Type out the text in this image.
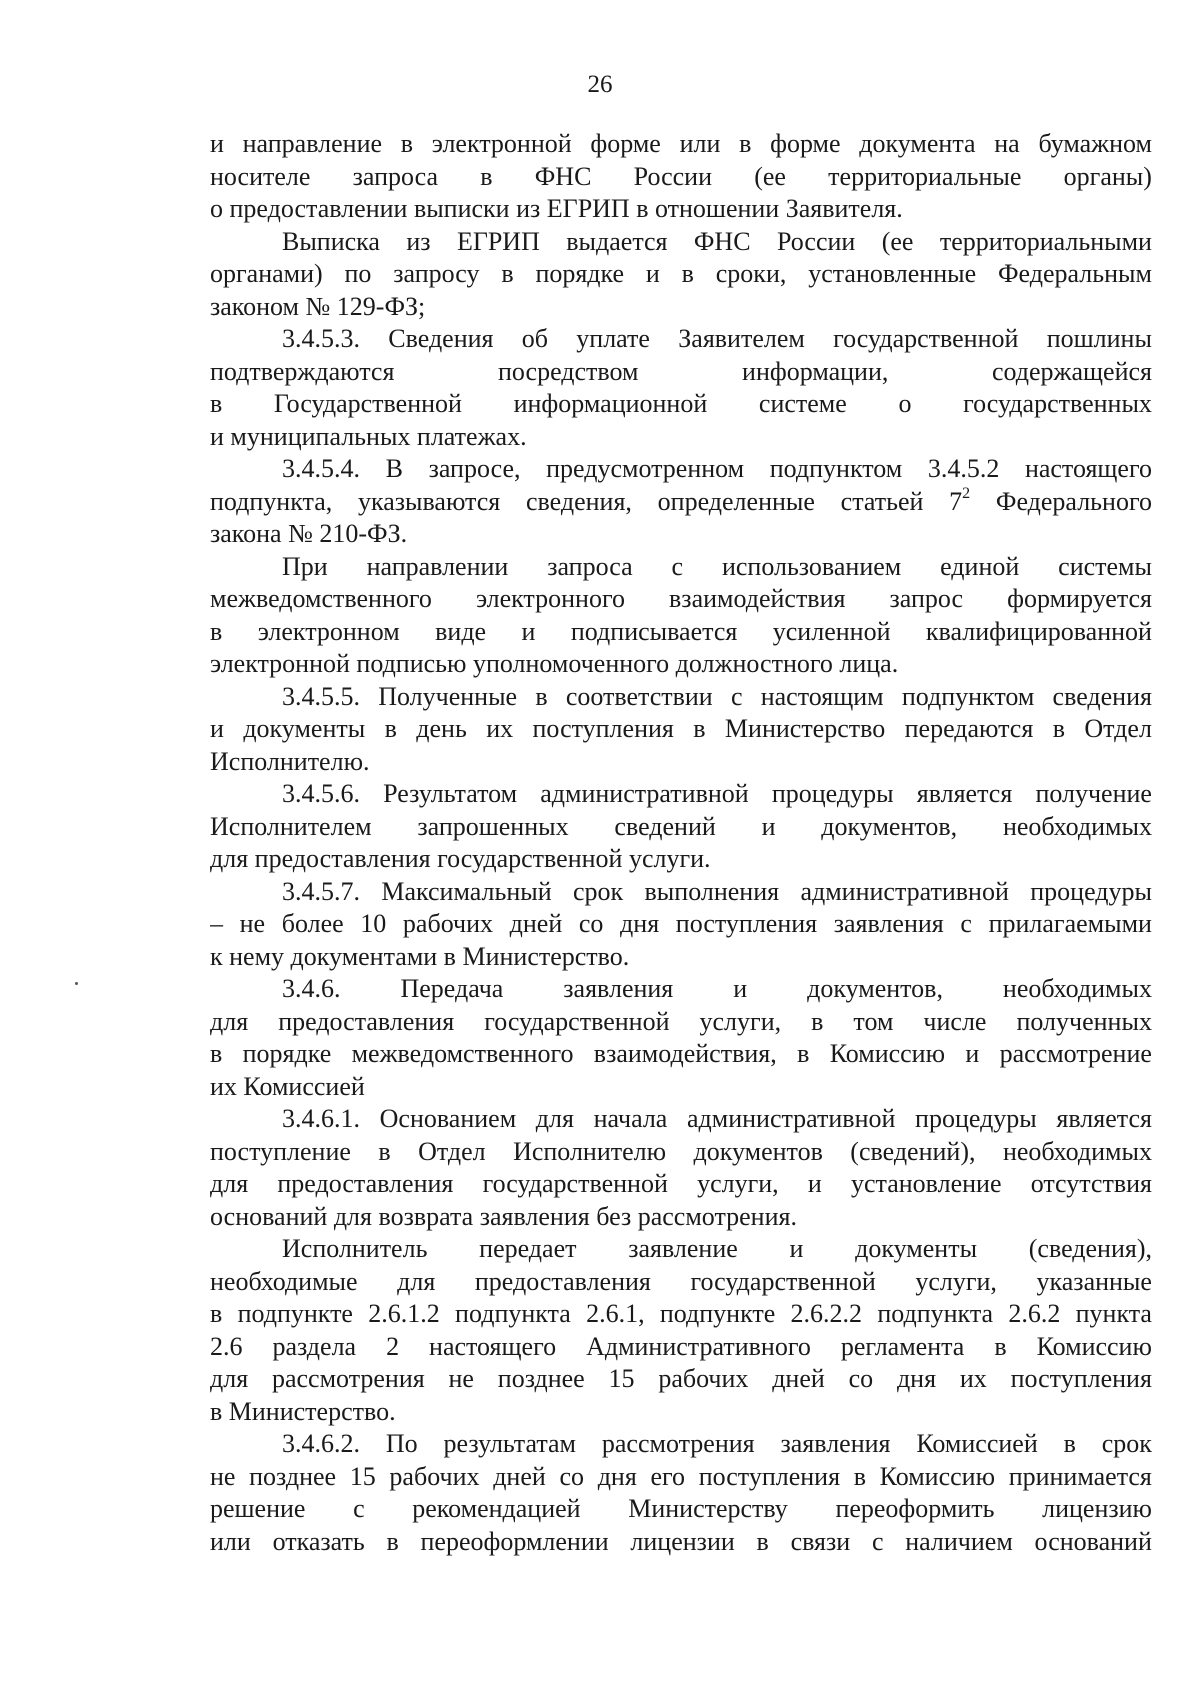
26
и направление в электронной форме или в форме документа на бумажном
носителе запроса в ФНС России (ее территориальные органы)
о предоставлении выписки из ЕГРИП в отношении Заявителя.
Выписка из ЕГРИП выдается ФНС России (ее территориальными
органами) по запросу в порядке и в сроки, установленные Федеральным
законом № 129-ФЗ;
3.4.5.3. Сведения об уплате Заявителем государственной пошлины
подтверждаются	посредством	информации,	содержащейся
в Государственной информационной системе о государственных
и муниципальных платежах.
3.4.5.4. В запросе, предусмотренном подпунктом 3.4.5.2 настоящего
подпункта, указываются сведения, определенные статьей $7^2$ Федерального
закона № 210-ФЗ.
При направлении запроса с использованием единой системы
межведомственного электронного взаимодействия запрос формируется
в электронном виде и подписывается усиленной квалифицированной
электронной подписью уполномоченного должностного лица.
3.4.5.5. Полученные в соответствии с настоящим подпунктом сведения
и документы в день их поступления в Министерство передаются в Отдел
Исполнителю.
3.4.5.6. Результатом административной процедуры является получение
Исполнителем запрошенных сведений и документов, необходимых
для предоставления государственной услуги.
3.4.5.7. Максимальный срок выполнения административной процедуры
– не более 10 рабочих дней со дня поступления заявления с прилагаемыми
к нему документами в Министерство.
3.4.6. Передача заявления и документов, необходимых
для предоставления государственной услуги, в том числе полученных
в порядке межведомственного взаимодействия, в Комиссию и рассмотрение
их Комиссией
3.4.6.1. Основанием для начала административной процедуры является
поступление в Отдел Исполнителю документов (сведений), необходимых
для предоставления государственной услуги, и установление отсутствия
оснований для возврата заявления без рассмотрения.
Исполнитель передает заявление и документы (сведения),
необходимые для предоставления государственной услуги, указанные
в подпункте 2.6.1.2 подпункта 2.6.1, подпункте 2.6.2.2 подпункта 2.6.2 пункта
2.6 раздела 2 настоящего Административного регламента в Комиссию
для рассмотрения не позднее 15 рабочих дней со дня их поступления
в Министерство.
3.4.6.2. По результатам рассмотрения заявления Комиссией в срок
не позднее 15 рабочих дней со дня его поступления в Комиссию принимается
решение с рекомендацией Министерству переоформить лицензию
или отказать в переоформлении лицензии в связи с наличием оснований
